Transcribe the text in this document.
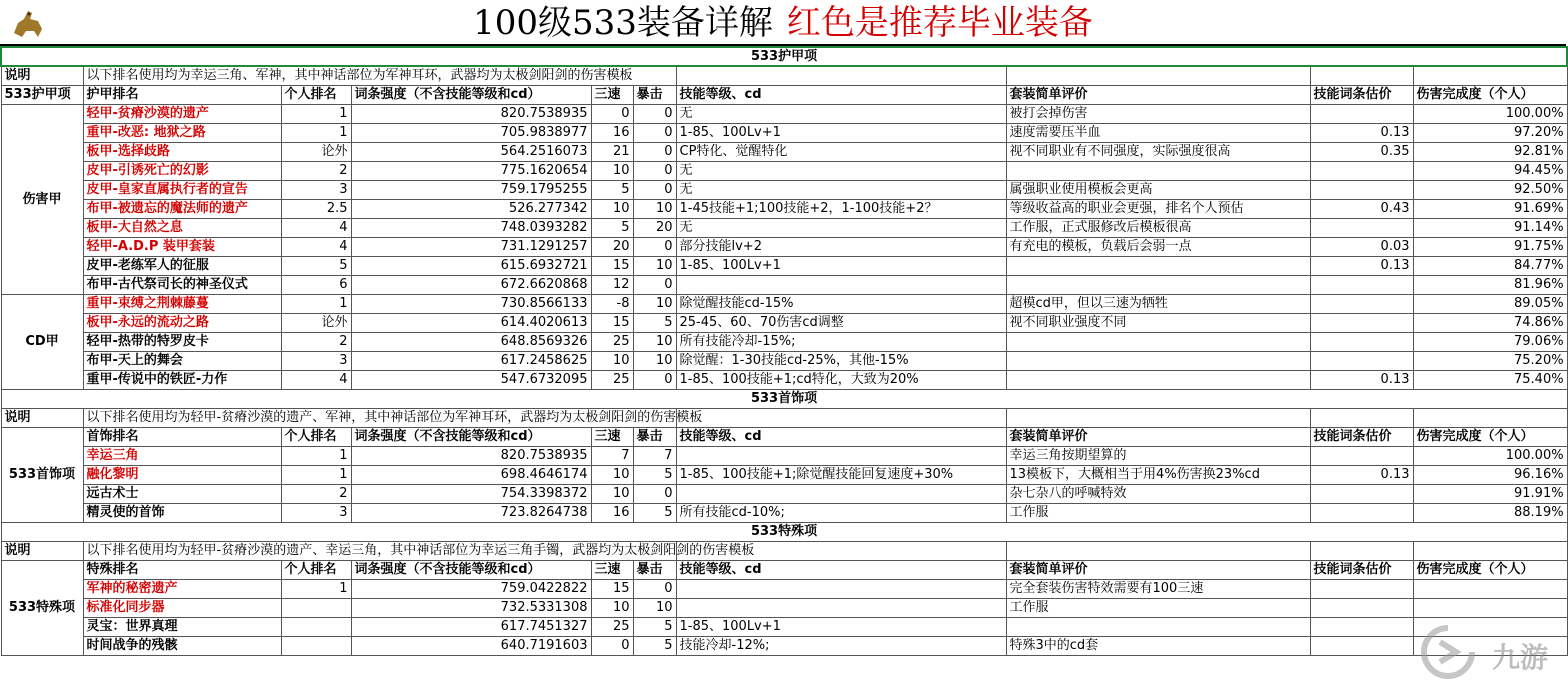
100级533装备详解 红色是推荐毕业装备
533护甲项									
说明	以下排名使用均为幸运三角、军神，其中神话部位为军神耳环，武器均为太极剑阳剑的伤害模板								
533护甲项	护甲排名	个人排名	词条强度（不含技能等级和cd）	三速	暴击	技能等级、cd	套装简单评价	技能词条估价	伤害完成度（个人）
伤害甲	轻甲-贫瘠沙漠的遗产	1	820.7538935	0	0	无	被打会掉伤害		100.00%
	重甲-改恶: 地狱之路	1	705.9838977	16	0	1-85、100Lv+1	速度需要压半血	0.13	97.20%
	板甲-选择歧路	论外	564.2516073	21	0	CP特化、觉醒特化	视不同职业有不同强度，实际强度很高	0.35	92.81%
	皮甲-引诱死亡的幻影	2	775.1620654	10	0	无			94.45%
	皮甲-皇家直属执行者的宣告	3	759.1795255	5	0	无	属强职业使用模板会更高		92.50%
	布甲-被遗忘的魔法师的遗产	2.5	526.277342	10	10	1-45技能+1;100技能+2，1-100技能+2？	等级收益高的职业会更强，排名个人预估	0.43	91.69%
	板甲-大自然之息	4	748.0393282	5	20	无	工作服，正式服修改后模板很高		91.14%
	轻甲-A.D.P 装甲套装	4	731.1291257	20	0	部分技能lv+2	有充电的模板，负载后会弱一点	0.03	91.75%
	皮甲-老练军人的征服	5	615.6932721	15	10	1-85、100Lv+1		0.13	84.77%
	布甲-古代祭司长的神圣仪式	6	672.6620868	12	0				81.96%
CD甲	重甲-束缚之荆棘藤蔓	1	730.8566133	-8	10	除觉醒技能cd-15%	超模cd甲，但以三速为牺牲		89.05%
	板甲-永远的流动之路	论外	614.4020613	15	5	25-45、60、70伤害cd调整	视不同职业强度不同		74.86%
	轻甲-热带的特罗皮卡	2	648.8569326	25	10	所有技能冷却-15%;			79.06%
	布甲-天上的舞会	3	617.2458625	10	10	除觉醒：1-30技能cd-25%，其他-15%			75.20%
	重甲-传说中的铁匠-力作	4	547.6732095	25	0	1-85、100技能+1;cd特化，大致为20%		0.13	75.40%
533首饰项									
说明	以下排名使用均为轻甲-贫瘠沙漠的遗产、军神，其中神话部位为军神耳环，武器均为太极剑阳剑的伤害模板								
533首饰项	首饰排名	个人排名	词条强度（不含技能等级和cd）	三速	暴击	技能等级、cd	套装简单评价	技能词条估价	伤害完成度（个人）
	幸运三角	1	820.7538935	7	7		幸运三角按期望算的		100.00%
	融化黎明	1	698.4646174	10	5	1-85、100技能+1;除觉醒技能回复速度+30%	13模板下，大概相当于用4%伤害换23%cd	0.13	96.16%
	远古术士	2	754.3398372	10	0		杂七杂八的呼喊特效		91.91%
	精灵使的首饰	3	723.8264738	16	5	所有技能cd-10%;	工作服		88.19%
533特殊项									
说明	以下排名使用均为轻甲-贫瘠沙漠的遗产、幸运三角，其中神话部位为幸运三角手镯，武器均为太极剑阳剑的伤害模板								
533特殊项	特殊排名	个人排名	词条强度（不含技能等级和cd）	三速	暴击	技能等级、cd	套装简单评价	技能词条估价	伤害完成度（个人）
	军神的秘密遗产	1	759.0422822	15	0		完全套装伤害特效需要有100三速		
	标准化同步器		732.5331308	10	10		工作服		
	灵宝：世界真理		617.7451327	25	5	1-85、100Lv+1			
	时间战争的残骸		640.7191603	0	5	技能冷却-12%;	特殊3中的cd套			九游
